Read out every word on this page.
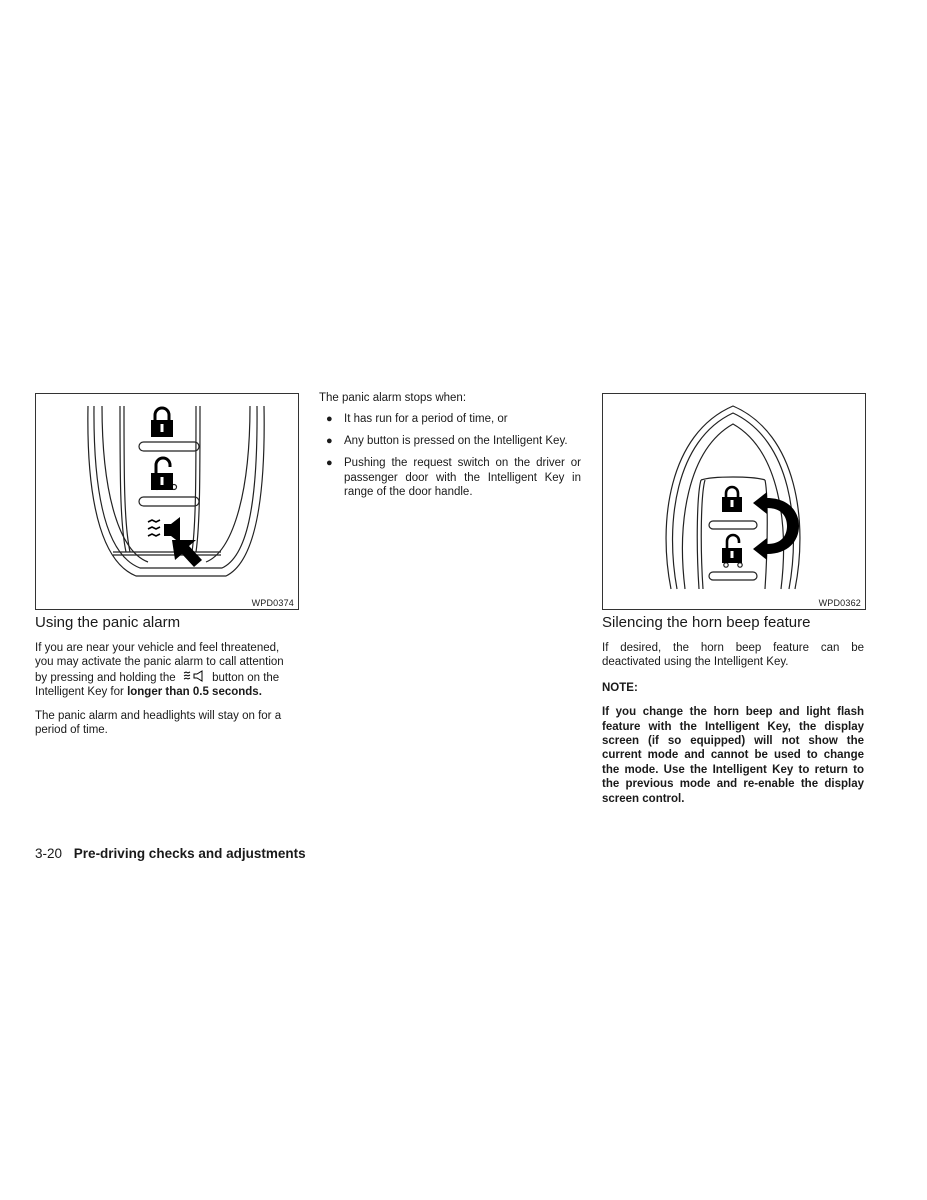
WPD0374
Using the panic alarm

If you are near your vehicle and feel threatened, you may activate the panic alarm to call attention by pressing and holding the	button on the Intelligent Key for longer than 0.5 seconds.

The panic alarm and headlights will stay on for a period of time.

The panic alarm stops when:

● It has run for a period of time, or
● Any button is pressed on the Intelligent Key.
● Pushing the request switch on the driver or passenger door with the Intelligent Key in range of the door handle.
WPD0362
Silencing the horn beep feature

If desired, the horn beep feature can be deactivated using the Intelligent Key.

NOTE:

If you change the horn beep and light flash feature with the Intelligent Key, the display screen (if so equipped) will not show the current mode and cannot be used to change the mode. Use the Intelligent Key to return to the previous mode and re-enable the display screen control.

3-20 Pre-driving checks and adjustments
